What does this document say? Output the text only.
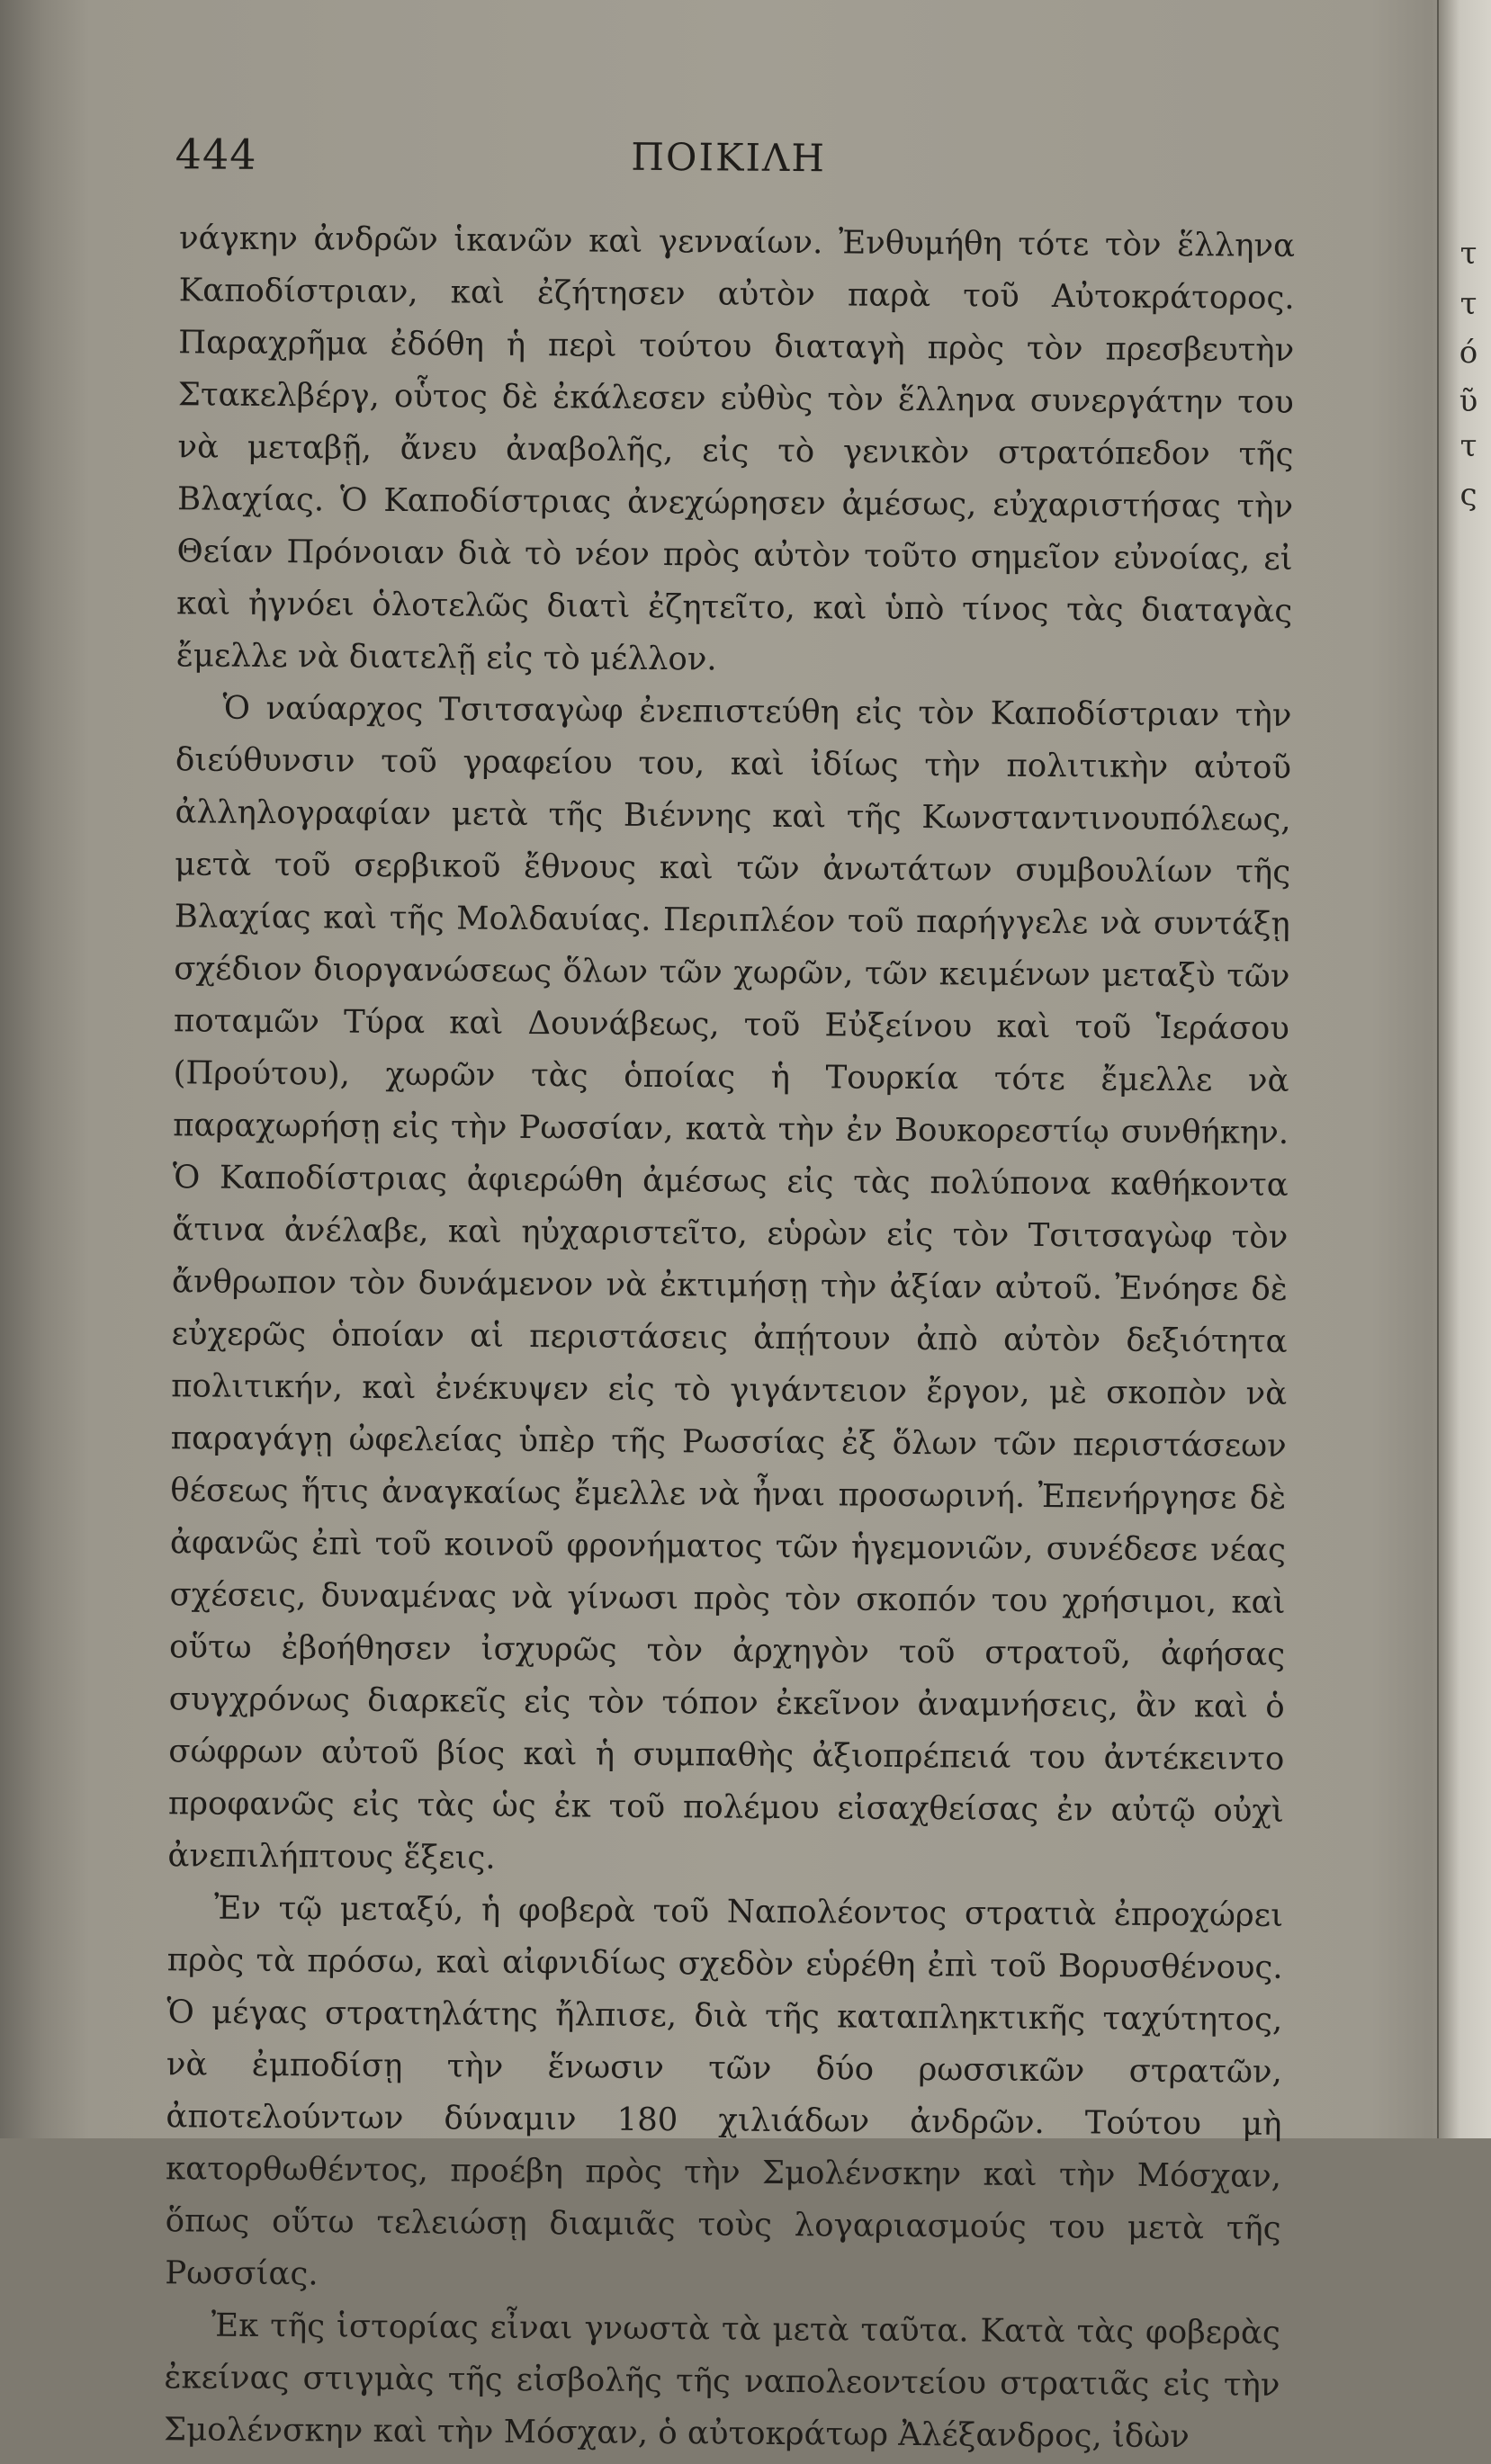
τ
τ
ό
ῦ
τ
ς
444	ΠΟΙΚΙΛΗ

νάγκην ἀνδρῶν ἱκανῶν καὶ γενναίων. Ἐνθυμήθη τότε τὸν ἕλληνα Καποδίστριαν, καὶ ἐζήτησεν αὐτὸν παρὰ τοῦ Αὐτοκράτορος. Παραχρῆμα ἐδόθη ἡ περὶ τούτου διαταγὴ πρὸς τὸν πρεσβευτὴν Στακελβέργ, οὗτος δὲ ἐκάλεσεν εὐθὺς τὸν ἕλληνα συνεργάτην του νὰ μεταβῇ, ἄνευ ἀναβολῆς, εἰς τὸ γενικὸν στρατόπεδον τῆς Βλαχίας. Ὁ Καποδίστριας ἀνεχώρησεν ἀμέσως, εὐχαριστήσας τὴν Θείαν Πρόνοιαν διὰ τὸ νέον πρὸς αὐτὸν τοῦτο σημεῖον εὐνοίας, εἰ καὶ ἠγνόει ὁλοτελῶς διατὶ ἐζητεῖτο, καὶ ὑπὸ τίνος τὰς διαταγὰς ἔμελλε νὰ διατελῇ εἰς τὸ μέλλον.

Ὁ ναύαρχος Τσιτσαγὼφ ἐνεπιστεύθη εἰς τὸν Καποδίστριαν τὴν διεύθυνσιν τοῦ γραφείου του, καὶ ἰδίως τὴν πολιτικὴν αὐτοῦ ἀλληλογραφίαν μετὰ τῆς Βιέννης καὶ τῆς Κωνσταντινουπόλεως, μετὰ τοῦ σερβικοῦ ἔθνους καὶ τῶν ἀνωτάτων συμβουλίων τῆς Βλαχίας καὶ τῆς Μολδαυίας. Περιπλέον τοῦ παρήγγελε νὰ συντάξῃ σχέδιον διοργανώσεως ὅλων τῶν χωρῶν, τῶν κειμένων μεταξὺ τῶν ποταμῶν Τύρα καὶ Δουνάβεως, τοῦ Εὐξείνου καὶ τοῦ Ἱεράσου (Προύτου), χωρῶν τὰς ὁποίας ἡ Τουρκία τότε ἔμελλε νὰ παραχωρήσῃ εἰς τὴν Ρωσσίαν, κατὰ τὴν ἐν Βουκορεστίῳ συνθήκην. Ὁ Καποδίστριας ἀφιερώθη ἀμέσως εἰς τὰς πολύπονα καθήκοντα ἅτινα ἀνέλαβε, καὶ ηὐχαριστεῖτο, εὑρὼν εἰς τὸν Τσιτσαγὼφ τὸν ἄνθρωπον τὸν δυνάμενον νὰ ἐκτιμήσῃ τὴν ἀξίαν αὐτοῦ. Ἐνόησε δὲ εὐχερῶς ὁποίαν αἱ περιστάσεις ἀπῄτουν ἀπὸ αὐτὸν δεξιότητα πολιτικήν, καὶ ἐνέκυψεν εἰς τὸ γιγάντειον ἔργον, μὲ σκοπὸν νὰ παραγάγῃ ὠφελείας ὑπὲρ τῆς Ρωσσίας ἐξ ὅλων τῶν περιστάσεων θέσεως ἥτις ἀναγκαίως ἔμελλε νὰ ἦναι προσωρινή. Ἐπενήργησε δὲ ἀφανῶς ἐπὶ τοῦ κοινοῦ φρονήματος τῶν ἡγεμονιῶν, συνέδεσε νέας σχέσεις, δυναμένας νὰ γίνωσι πρὸς τὸν σκοπόν του χρήσιμοι, καὶ οὕτω ἐβοήθησεν ἰσχυρῶς τὸν ἀρχηγὸν τοῦ στρατοῦ, ἀφήσας συγχρόνως διαρκεῖς εἰς τὸν τόπον ἐκεῖνον ἀναμνήσεις, ἂν καὶ ὁ σώφρων αὐτοῦ βίος καὶ ἡ συμπαθὴς ἀξιοπρέπειά του ἀντέκειντο προφανῶς εἰς τὰς ὡς ἐκ τοῦ πολέμου εἰσαχθείσας ἐν αὐτῷ οὐχὶ ἀνεπιλήπτους ἕξεις.

Ἐν τῷ μεταξύ, ἡ φοβερὰ τοῦ Ναπολέοντος στρατιὰ ἐπροχώρει πρὸς τὰ πρόσω, καὶ αἰφνιδίως σχεδὸν εὑρέθη ἐπὶ τοῦ Βορυσθένους. Ὁ μέγας στρατηλάτης ἤλπισε, διὰ τῆς καταπληκτικῆς ταχύτητος, νὰ ἐμποδίσῃ τὴν ἕνωσιν τῶν δύο ρωσσικῶν στρατῶν, ἀποτελούντων δύναμιν 180 χιλιάδων ἀνδρῶν. Τούτου μὴ κατορθωθέντος, προέβη πρὸς τὴν Σμολένσκην καὶ τὴν Μόσχαν, ὅπως οὕτω τελειώσῃ διαμιᾶς τοὺς λογαριασμούς του μετὰ τῆς Ρωσσίας.

Ἐκ τῆς ἱστορίας εἶναι γνωστὰ τὰ μετὰ ταῦτα. Κατὰ τὰς φοβερὰς ἐκείνας στιγμὰς τῆς εἰσβολῆς τῆς ναπολεοντείου στρατιᾶς εἰς τὴν Σμολένσκην καὶ τὴν Μόσχαν, ὁ αὐτοκράτωρ Ἀλέξανδρος, ἰδὼν
